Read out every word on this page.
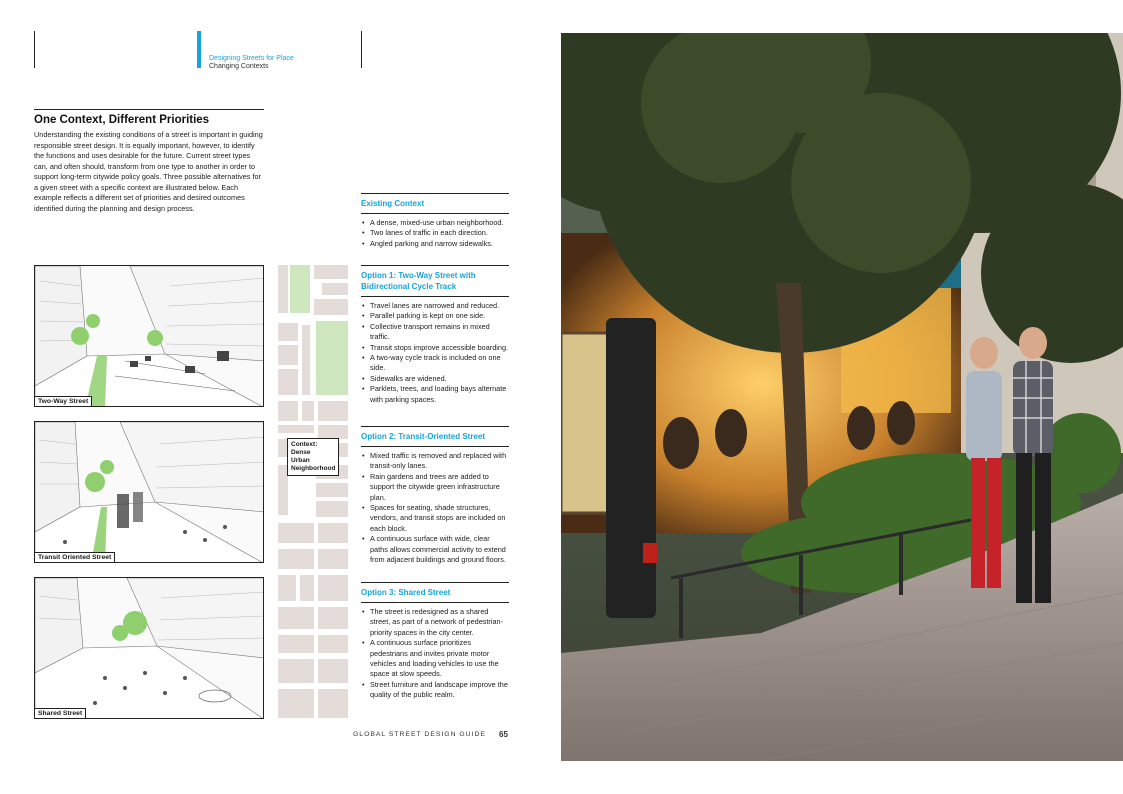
Designing Streets for Place
Changing Contexts
One Context, Different Priorities

Understanding the existing conditions of a street is important in guiding responsible street design. It is equally important, however, to identify the functions and uses desirable for the future. Current street types can, and often should, transform from one type to another in order to support long-term citywide policy goals. Three possible alternatives for a given street with a specific context are illustrated below. Each example reflects a different set of priorities and desired outcomes identified during the planning and design process.

Two-Way Street
Transit Oriented Street
Shared Street
Context:
Dense
Urban
Neighborhood
Existing Context
• A dense, mixed-use urban neighborhood.
• Two lanes of traffic in each direction.
• Angled parking and narrow sidewalks.
Option 1: Two-Way Street with Bidirectional Cycle Track
• Travel lanes are narrowed and reduced.
• Parallel parking is kept on one side.
• Collective transport remains in mixed traffic.
• Transit stops improve accessible boarding.
• A two-way cycle track is included on one side.
• Sidewalks are widened.
• Parklets, trees, and loading bays alternate with parking spaces.
Option 2: Transit-Oriented Street
• Mixed traffic is removed and replaced with transit-only lanes.
• Rain gardens and trees are added to support the citywide green infrastructure plan.
• Spaces for seating, shade structures, vendors, and transit stops are included on each block.
• A continuous surface with wide, clear paths allows commercial activity to extend from adjacent buildings and ground floors.
Option 3: Shared Street
• The street is redesigned as a shared street, as part of a network of pedestrian-priority spaces in the city center.
• A continuous surface prioritizes pedestrians and invites private motor vehicles and loading vehicles to use the space at slow speeds.
• Street furniture and landscape improve the quality of the public realm.
GLOBAL STREET DESIGN GUIDE 65
